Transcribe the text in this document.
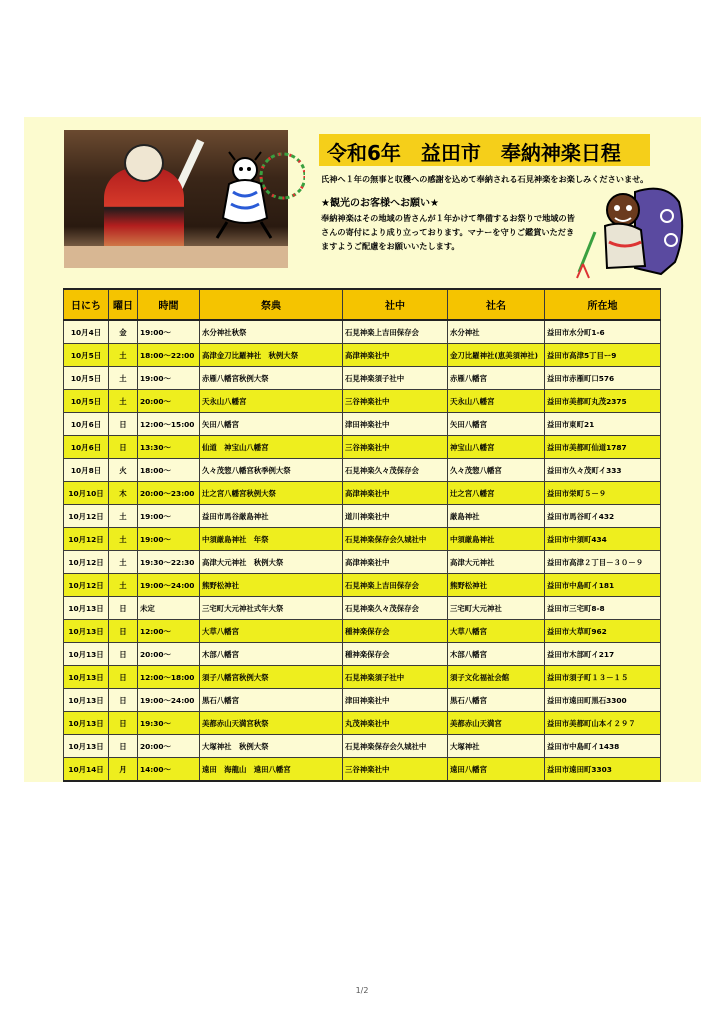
令和6年　益田市　奉納神楽日程
氏神へ１年の無事と収穫への感謝を込めて奉納される石見神楽をお楽しみくださいませ。
★観光のお客様へお願い★
奉納神楽はその地域の皆さんが１年かけて準備するお祭りで地域の皆
さんの寄付により成り立っております。マナーを守りご鑑賞いただき
ますようご配慮をお願いいたします。
日にち	曜日	時間	祭典	社中	社名	所在地
10月4日	金	19:00～	水分神社秋祭	石見神楽上吉田保存会	水分神社	益田市水分町1-6
10月5日	土	18:00～22:00	高津金刀比羅神社　秋例大祭	高津神楽社中	金刀比羅神社(恵美須神社)	益田市高津5丁目ー9
10月5日	土	19:00～	赤雁八幡宮秋例大祭	石見神楽須子社中	赤雁八幡宮	益田市赤雁町口576
10月5日	土	20:00～	天永山八幡宮	三谷神楽社中	天永山八幡宮	益田市美都町丸茂2375
10月6日	日	12:00～15:00	矢田八幡宮	津田神楽社中	矢田八幡宮	益田市東町21
10月6日	日	13:30～	仙道　神宝山八幡宮	三谷神楽社中	神宝山八幡宮	益田市美都町仙道1787
10月8日	火	18:00～	久々茂惣八幡宮秋季例大祭	石見神楽久々茂保存会	久々茂惣八幡宮	益田市久々茂町イ333
10月10日	木	20:00～23:00	辻之宮八幡宮秋例大祭	高津神楽社中	辻之宮八幡宮	益田市栄町５－９
10月12日	土	19:00～	益田市馬谷厳島神社	道川神楽社中	厳島神社	益田市馬谷町イ432
10月12日	土	19:00～	中須厳島神社　年祭	石見神楽保存会久城社中	中須厳島神社	益田市中須町434
10月12日	土	19:30～22:30	高津大元神社　秋例大祭	高津神楽社中	高津大元神社	益田市高津２丁目－３０－９
10月12日	土	19:00～24:00	熊野松神社	石見神楽上吉田保存会	熊野松神社	益田市中島町イ181
10月13日	日	未定	三宅町大元神社式年大祭	石見神楽久々茂保存会	三宅町大元神社	益田市三宅町8-8
10月13日	日	12:00～	大草八幡宮	種神楽保存会	大草八幡宮	益田市大草町962
10月13日	日	20:00～	木部八幡宮	種神楽保存会	木部八幡宮	益田市木部町イ217
10月13日	日	12:00～18:00	須子八幡宮秋例大祭	石見神楽須子社中	須子文化福祉会館	益田市須子町１３－１５
10月13日	日	19:00～24:00	黒石八幡宮	津田神楽社中	黒石八幡宮	益田市遠田町黒石3300
10月13日	日	19:30～	美都赤山天満宮秋祭	丸茂神楽社中	美都赤山天満宮	益田市美都町山本イ２９７
10月13日	日	20:00～	大塚神社　秋例大祭	石見神楽保存会久城社中	大塚神社	益田市中島町イ1438
10月14日	月	14:00～	遠田　海龍山　遠田八幡宮	三谷神楽社中	遠田八幡宮	益田市遠田町3303
1/2
